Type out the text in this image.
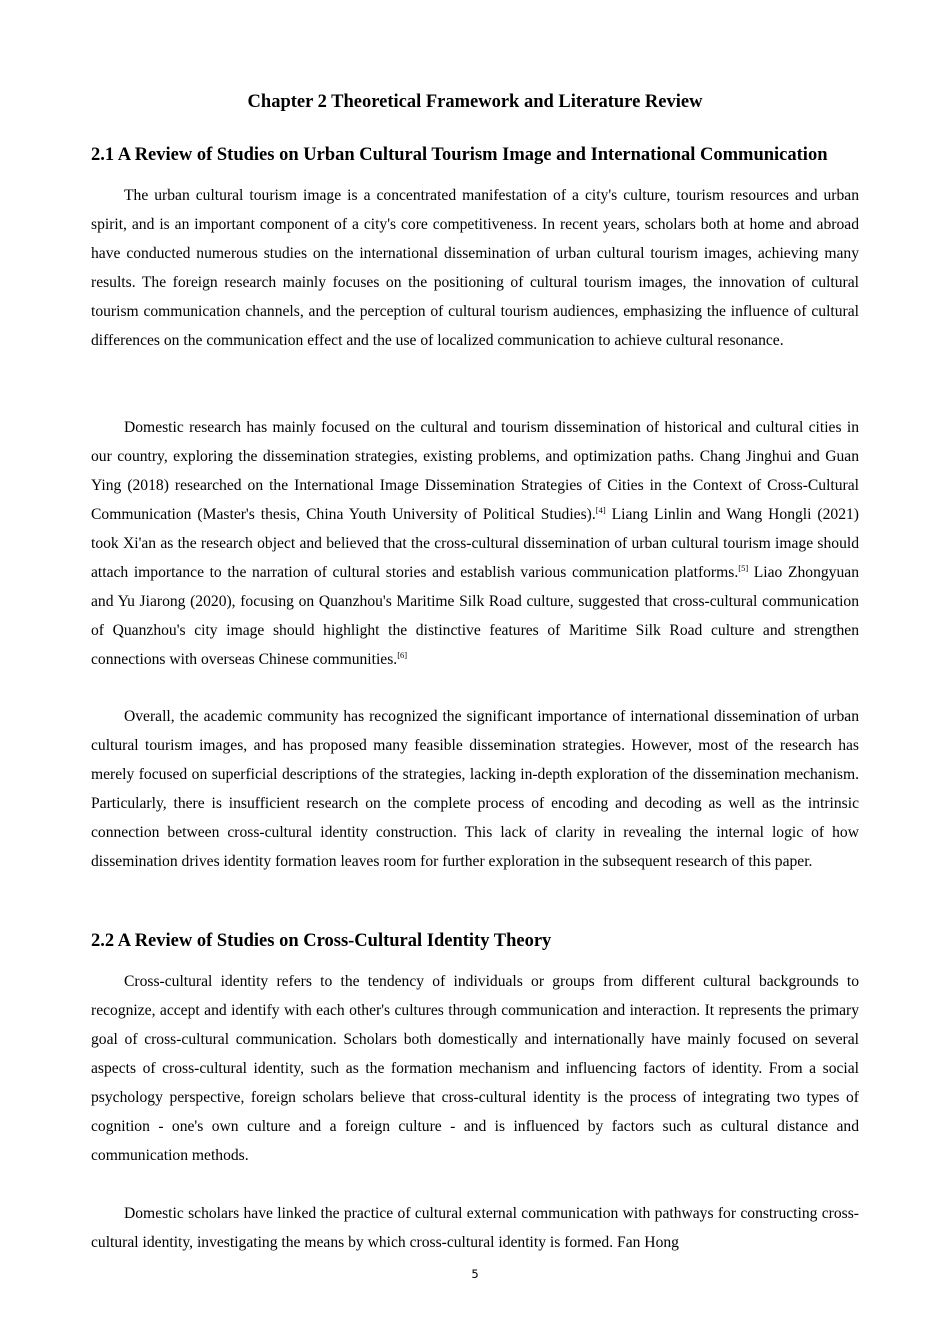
Chapter 2 Theoretical Framework and Literature Review
2.1 A Review of Studies on Urban Cultural Tourism Image and International Communication

The urban cultural tourism image is a concentrated manifestation of a city's culture, tourism resources and urban spirit, and is an important component of a city's core competitiveness. In recent years, scholars both at home and abroad have conducted numerous studies on the international dissemination of urban cultural tourism images, achieving many results. The foreign research mainly focuses on the positioning of cultural tourism images, the innovation of cultural tourism communication channels, and the perception of cultural tourism audiences, emphasizing the influence of cultural differences on the communication effect and the use of localized communication to achieve cultural resonance.

Domestic research has mainly focused on the cultural and tourism dissemination of historical and cultural cities in our country, exploring the dissemination strategies, existing problems, and optimization paths. Chang Jinghui and Guan Ying (2018) researched on the International Image Dissemination Strategies of Cities in the Context of Cross-Cultural Communication (Master's thesis, China Youth University of Political Studies).[4] Liang Linlin and Wang Hongli (2021) took Xi'an as the research object and believed that the cross-cultural dissemination of urban cultural tourism image should attach importance to the narration of cultural stories and establish various communication platforms.[5] Liao Zhongyuan and Yu Jiarong (2020), focusing on Quanzhou's Maritime Silk Road culture, suggested that cross-cultural communication of Quanzhou's city image should highlight the distinctive features of Maritime Silk Road culture and strengthen connections with overseas Chinese communities.[6]

Overall, the academic community has recognized the significant importance of international dissemination of urban cultural tourism images, and has proposed many feasible dissemination strategies. However, most of the research has merely focused on superficial descriptions of the strategies, lacking in-depth exploration of the dissemination mechanism. Particularly, there is insufficient research on the complete process of encoding and decoding as well as the intrinsic connection between cross-cultural identity construction. This lack of clarity in revealing the internal logic of how dissemination drives identity formation leaves room for further exploration in the subsequent research of this paper.

2.2 A Review of Studies on Cross-Cultural Identity Theory

Cross-cultural identity refers to the tendency of individuals or groups from different cultural backgrounds to recognize, accept and identify with each other's cultures through communication and interaction. It represents the primary goal of cross-cultural communication. Scholars both domestically and internationally have mainly focused on several aspects of cross-cultural identity, such as the formation mechanism and influencing factors of identity. From a social psychology perspective, foreign scholars believe that cross-cultural identity is the process of integrating two types of cognition - one's own culture and a foreign culture - and is influenced by factors such as cultural distance and communication methods.

Domestic scholars have linked the practice of cultural external communication with pathways for constructing cross-cultural identity, investigating the means by which cross-cultural identity is formed. Fan Hong

5
